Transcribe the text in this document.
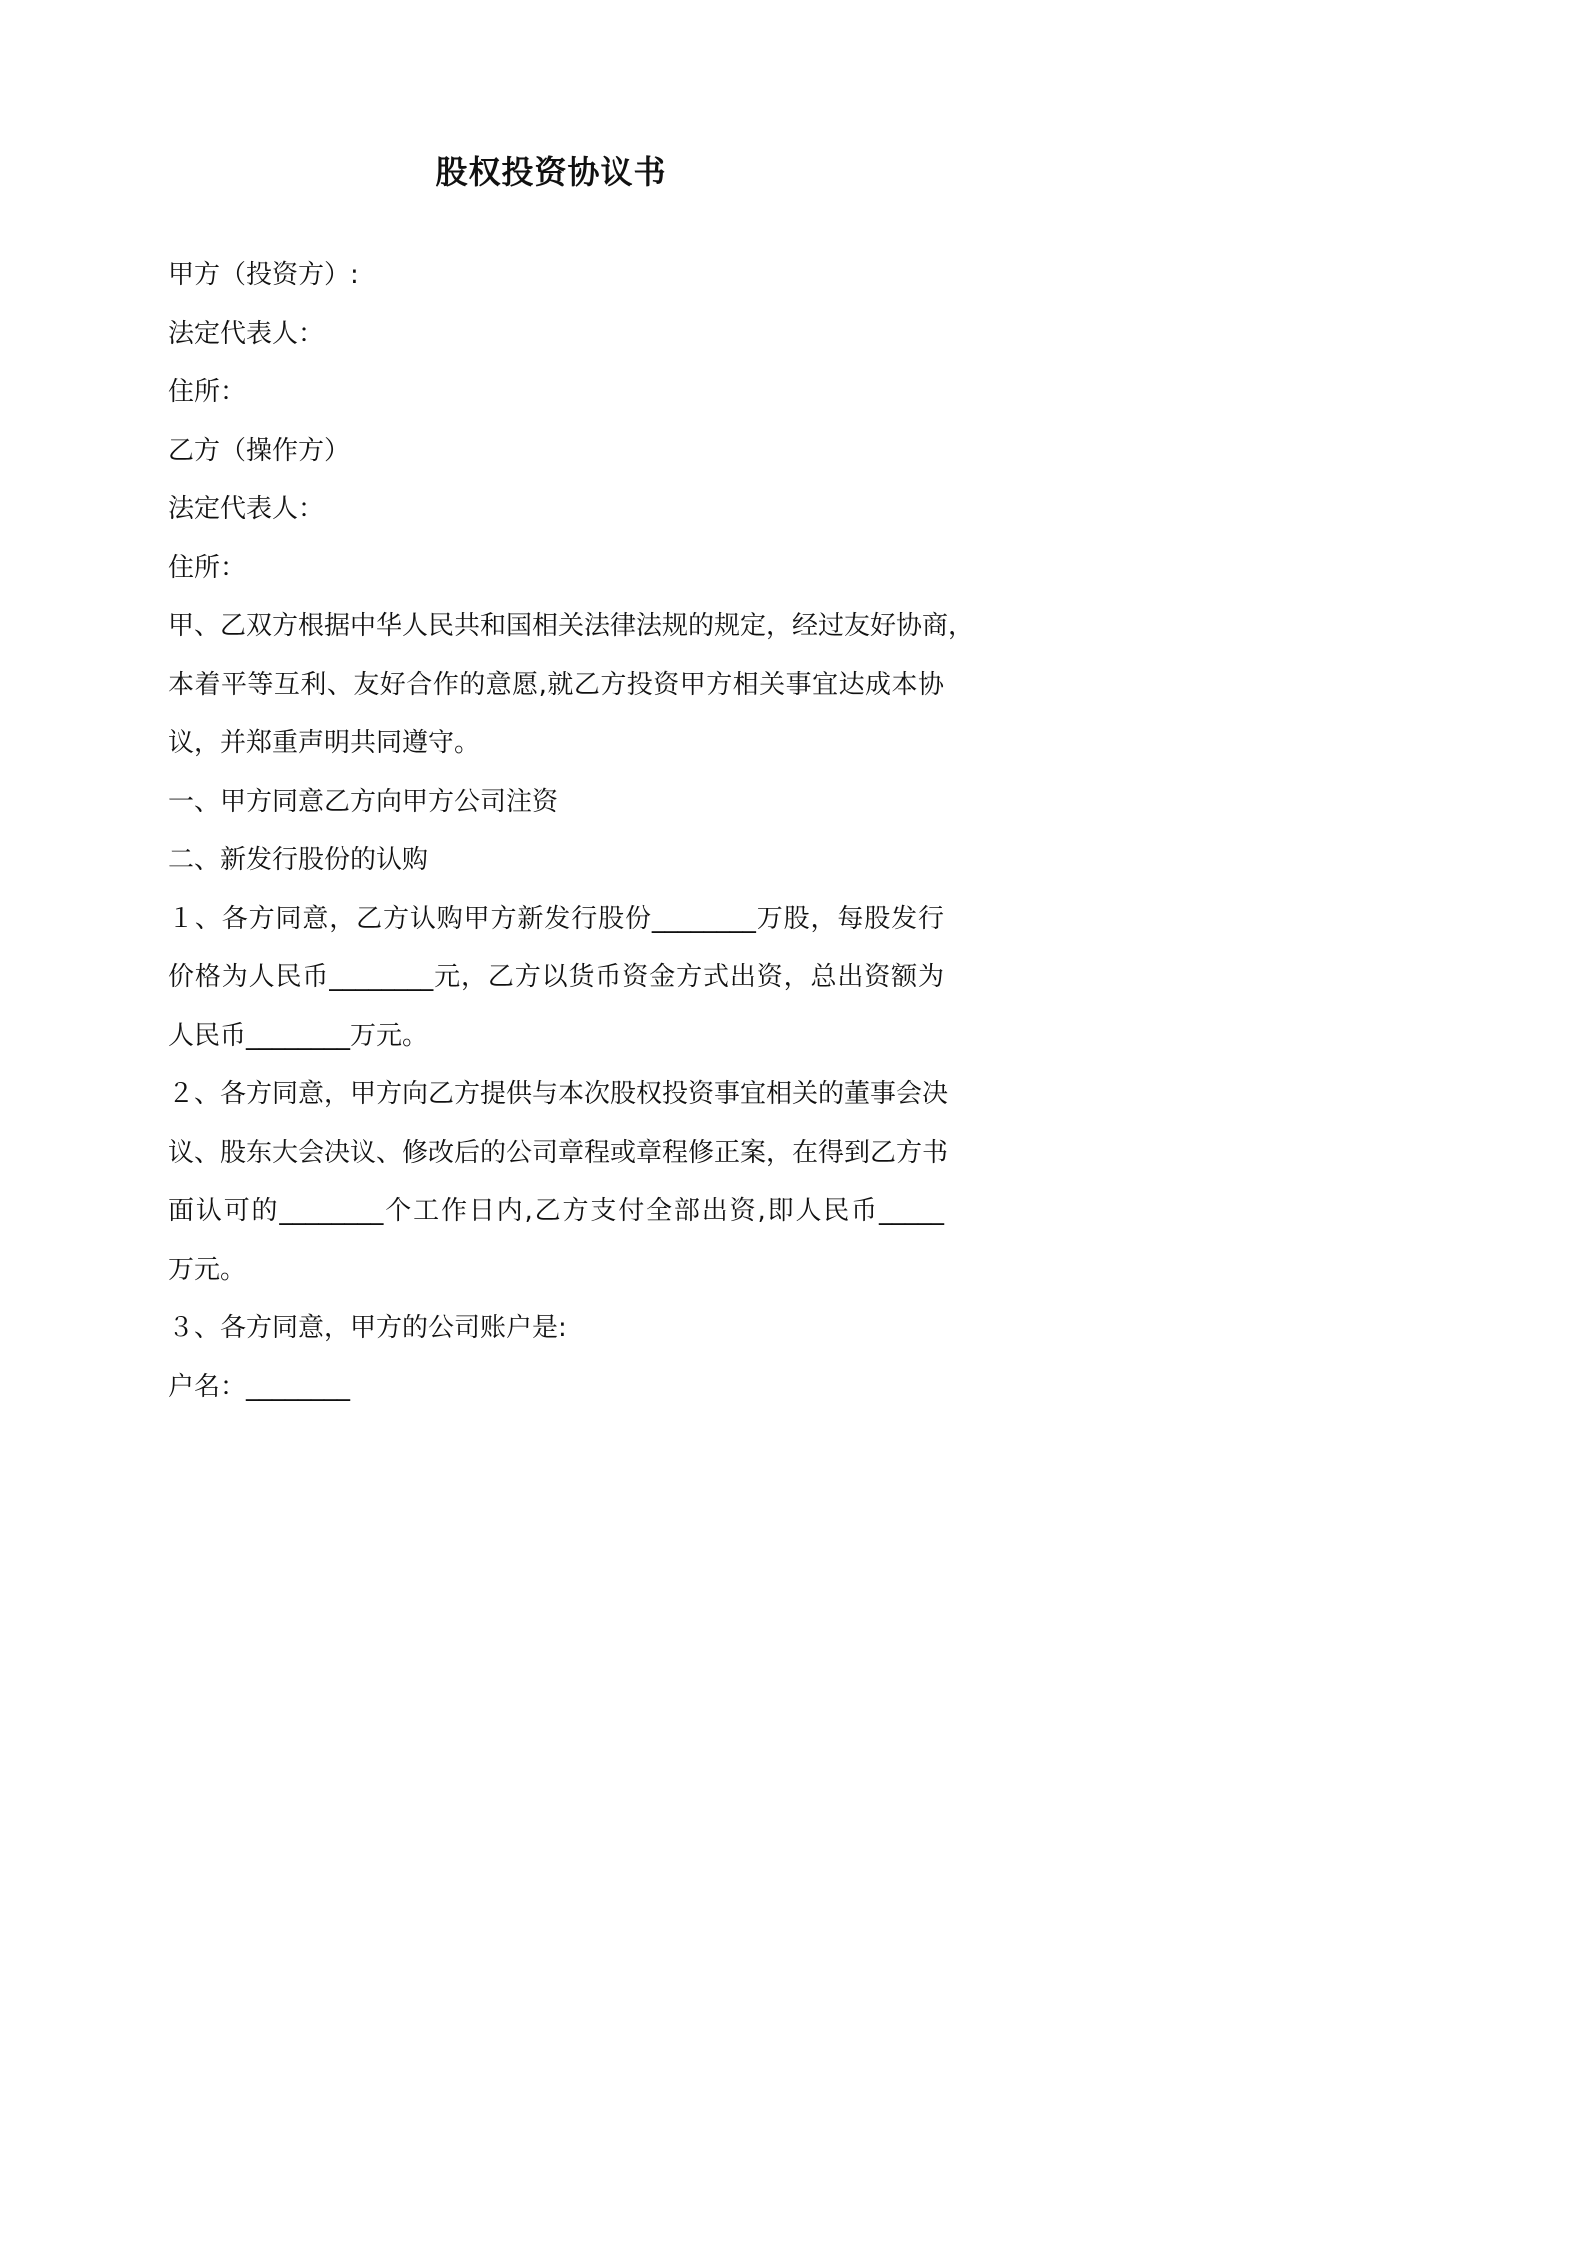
股权投资协议书
甲方（投资方）:
法定代表人：
住所：
乙方（操作方）
法定代表人：
住所：
甲、乙双方根据中华人民共和国相关法律法规的规定，经过友好协商，
本着平等互利、友好合作的意愿,就乙方投资甲方相关事宜达成本协
议，并郑重声明共同遵守。
一、甲方同意乙方向甲方公司注资
二、新发行股份的认购
１、各方同意，乙方认购甲方新发行股份________万股，每股发行
价格为人民币________元，乙方以货币资金方式出资，总出资额为
人民币________万元。
２、各方同意，甲方向乙方提供与本次股权投资事宜相关的董事会决
议、股东大会决议、修改后的公司章程或章程修正案，在得到乙方书
面认可的________个工作日内,乙方支付全部出资,即人民币_____
万元。
３、各方同意，甲方的公司账户是:
户名：________
